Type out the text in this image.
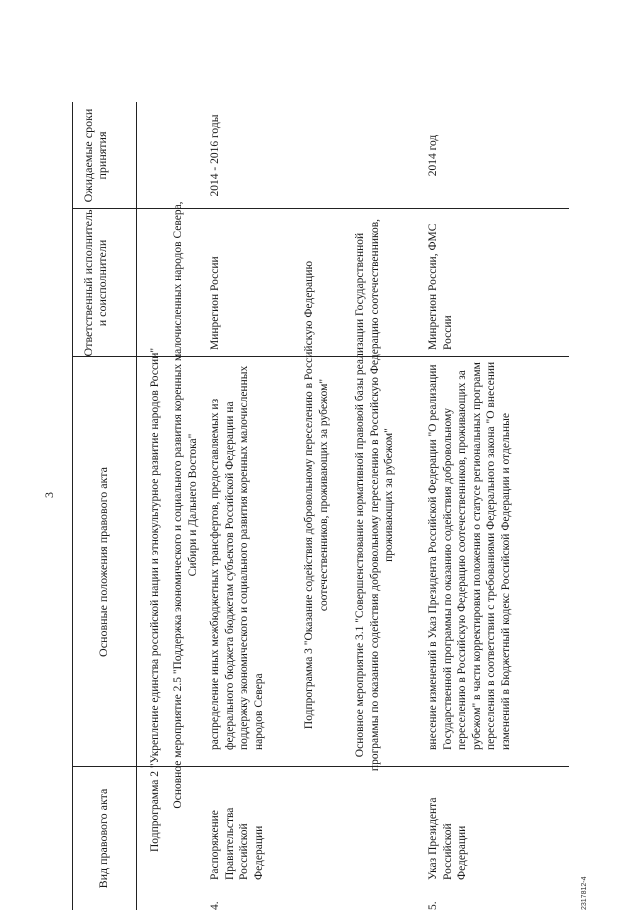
3
Вид правового акта
Основные положения правового акта
Ответственный исполнитель и соисполнители
Ожидаемые сроки принятия
Подпрограмма 2 "Укрепление единства российской нации и этнокультурное развитие народов России" Основное мероприятие 2.5 "Поддержка экономического и социального развития коренных малочисленных народов Севера, Сибири и Дальнего Востока"
4.
Распоряжение Правительства Российской Федерации
распределение иных межбюджетных трансфертов, предоставляемых из федерального бюджета бюджетам субъектов Российской Федерации на поддержку экономического и социального развития коренных малочисленных народов Севера
Минрегион России
2014 - 2016 годы
Подпрограмма 3 "Оказание содействия добровольному переселению в Российскую Федерацию соотечественников, проживающих за рубежом" Основное мероприятие 3.1 "Совершенствование нормативной правовой базы реализации Государственной программы по оказанию содействия добровольному переселению в Российскую Федерацию соотечественников, проживающих за рубежом"
5.
Указ Президента Российской Федерации
внесение изменений в Указ Президента Российской Федерации "О реализации Государственной программы по оказанию содействия добровольному переселению в Российскую Федерацию соотечественников, проживающих за рубежом" в части корректировки положения о статусе региональных программ переселения в соответствии с требованиями Федерального закона "О внесении изменений в Бюджетный кодекс Российской Федерации и отдельные
Минрегион России, ФМС России
2014 год
2317812-4
